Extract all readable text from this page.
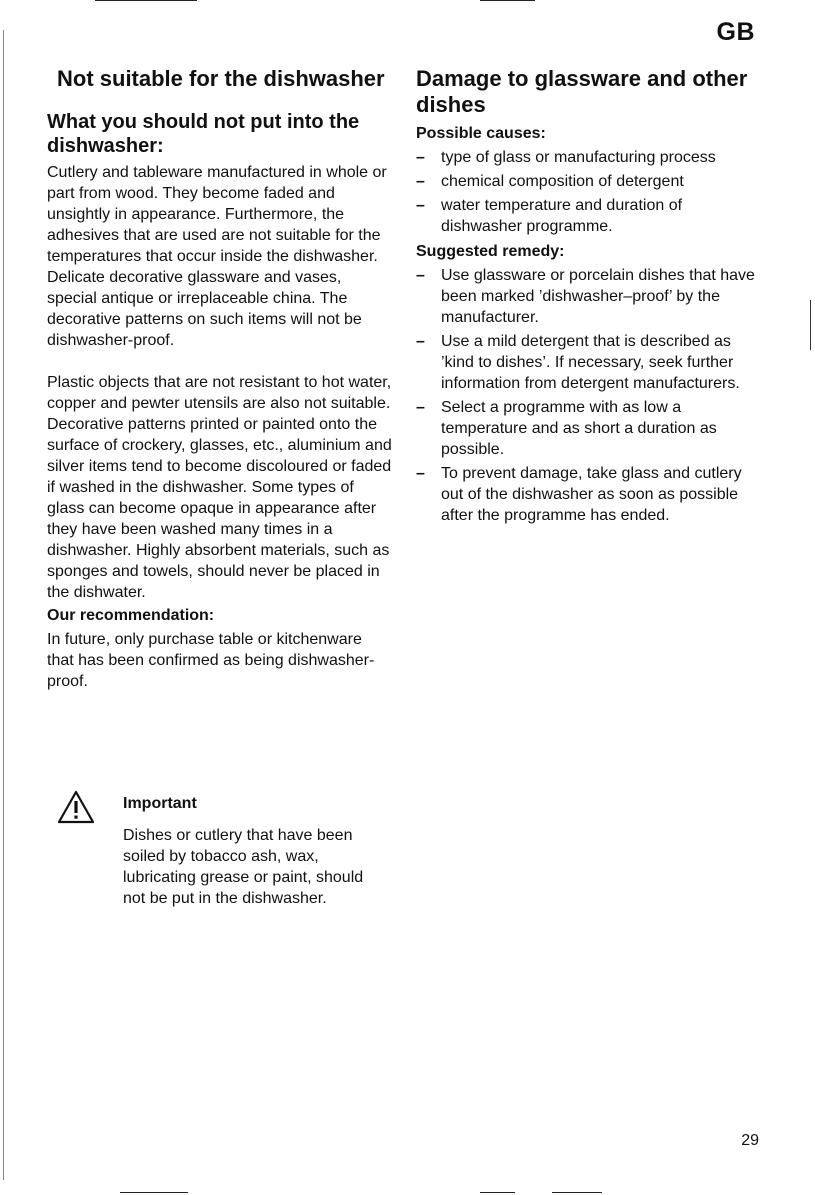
GB
Not suitable for the dishwasher
What you should not put into the dishwasher:

Cutlery and tableware manufactured in whole or part from wood. They become faded and unsightly in appearance. Furthermore, the adhesives that are used are not suitable for the temperatures that occur inside the dishwasher. Delicate decorative glassware and vases, special antique or irreplaceable china. The decorative patterns on such items will not be dishwasher-proof.

Plastic objects that are not resistant to hot water, copper and pewter utensils are also not suitable. Decorative patterns printed or painted onto the surface of crockery, glasses, etc., aluminium and silver items tend to become discoloured or faded if washed in the dishwasher. Some types of glass can become opaque in appearance after they have been washed many times in a dishwasher. Highly absorbent materials, such as sponges and towels, should never be placed in the dishwater.

Our recommendation:

In future, only purchase table or kitchenware that has been confirmed as being dishwasher-proof.

Important
Dishes or cutlery that have been soiled by tobacco ash, wax, lubricating grease or paint, should not be put in the dishwasher.
Damage to glassware and other dishes
Possible causes:
– type of glass or manufacturing process
– chemical composition of detergent
– water temperature and duration of dishwasher programme.
Suggested remedy:
– Use glassware or porcelain dishes that have been marked ’dishwasher–proof’ by the manufacturer.
– Use a mild detergent that is described as ’kind to dishes’. If necessary, seek further information from detergent manufacturers.
– Select a programme with as low a temperature and as short a duration as possible.
– To prevent damage, take glass and cutlery out of the dishwasher as soon as possible after the programme has ended.
29
